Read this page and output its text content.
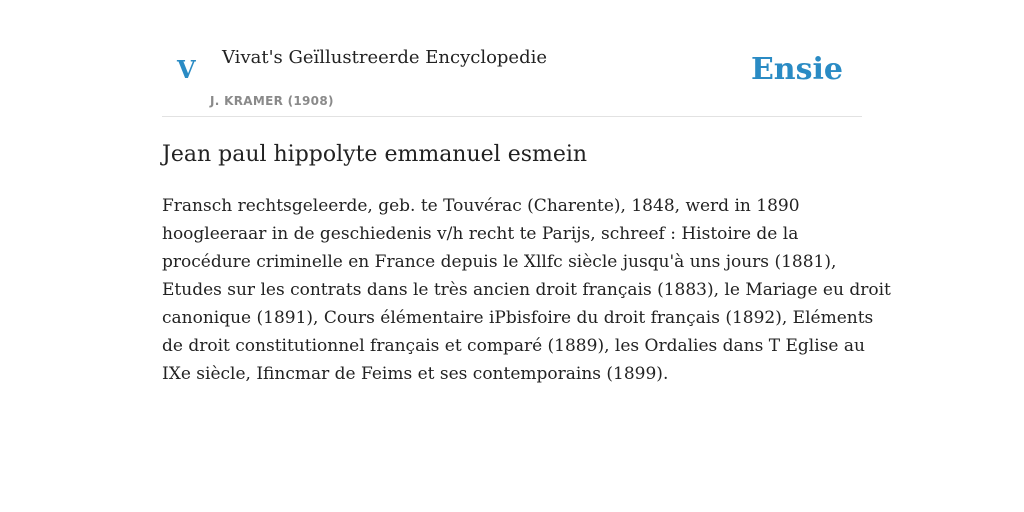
V Vivat's Geïllustreerde Encyclopedie
J. KRAMER (1908)
Ensie
Jean paul hippolyte emmanuel esmein
Fransch rechtsgeleerde, geb. te Touvérac (Charente), 1848, werd in 1890
hoogleeraar in de geschiedenis v/h recht te Parijs, schreef : Histoire de la
procédure criminelle en France depuis le Xllfc siècle jusqu'à uns jours (1881),
Etudes sur les contrats dans le très ancien droit français (1883), le Mariage eu droit
canonique (1891), Cours élémentaire iPbisfoire du droit français (1892), Eléments
de droit constitutionnel français et comparé (1889), les Ordalies dans T Eglise au
IXe siècle, Ifincmar de Feims et ses contemporains (1899).
